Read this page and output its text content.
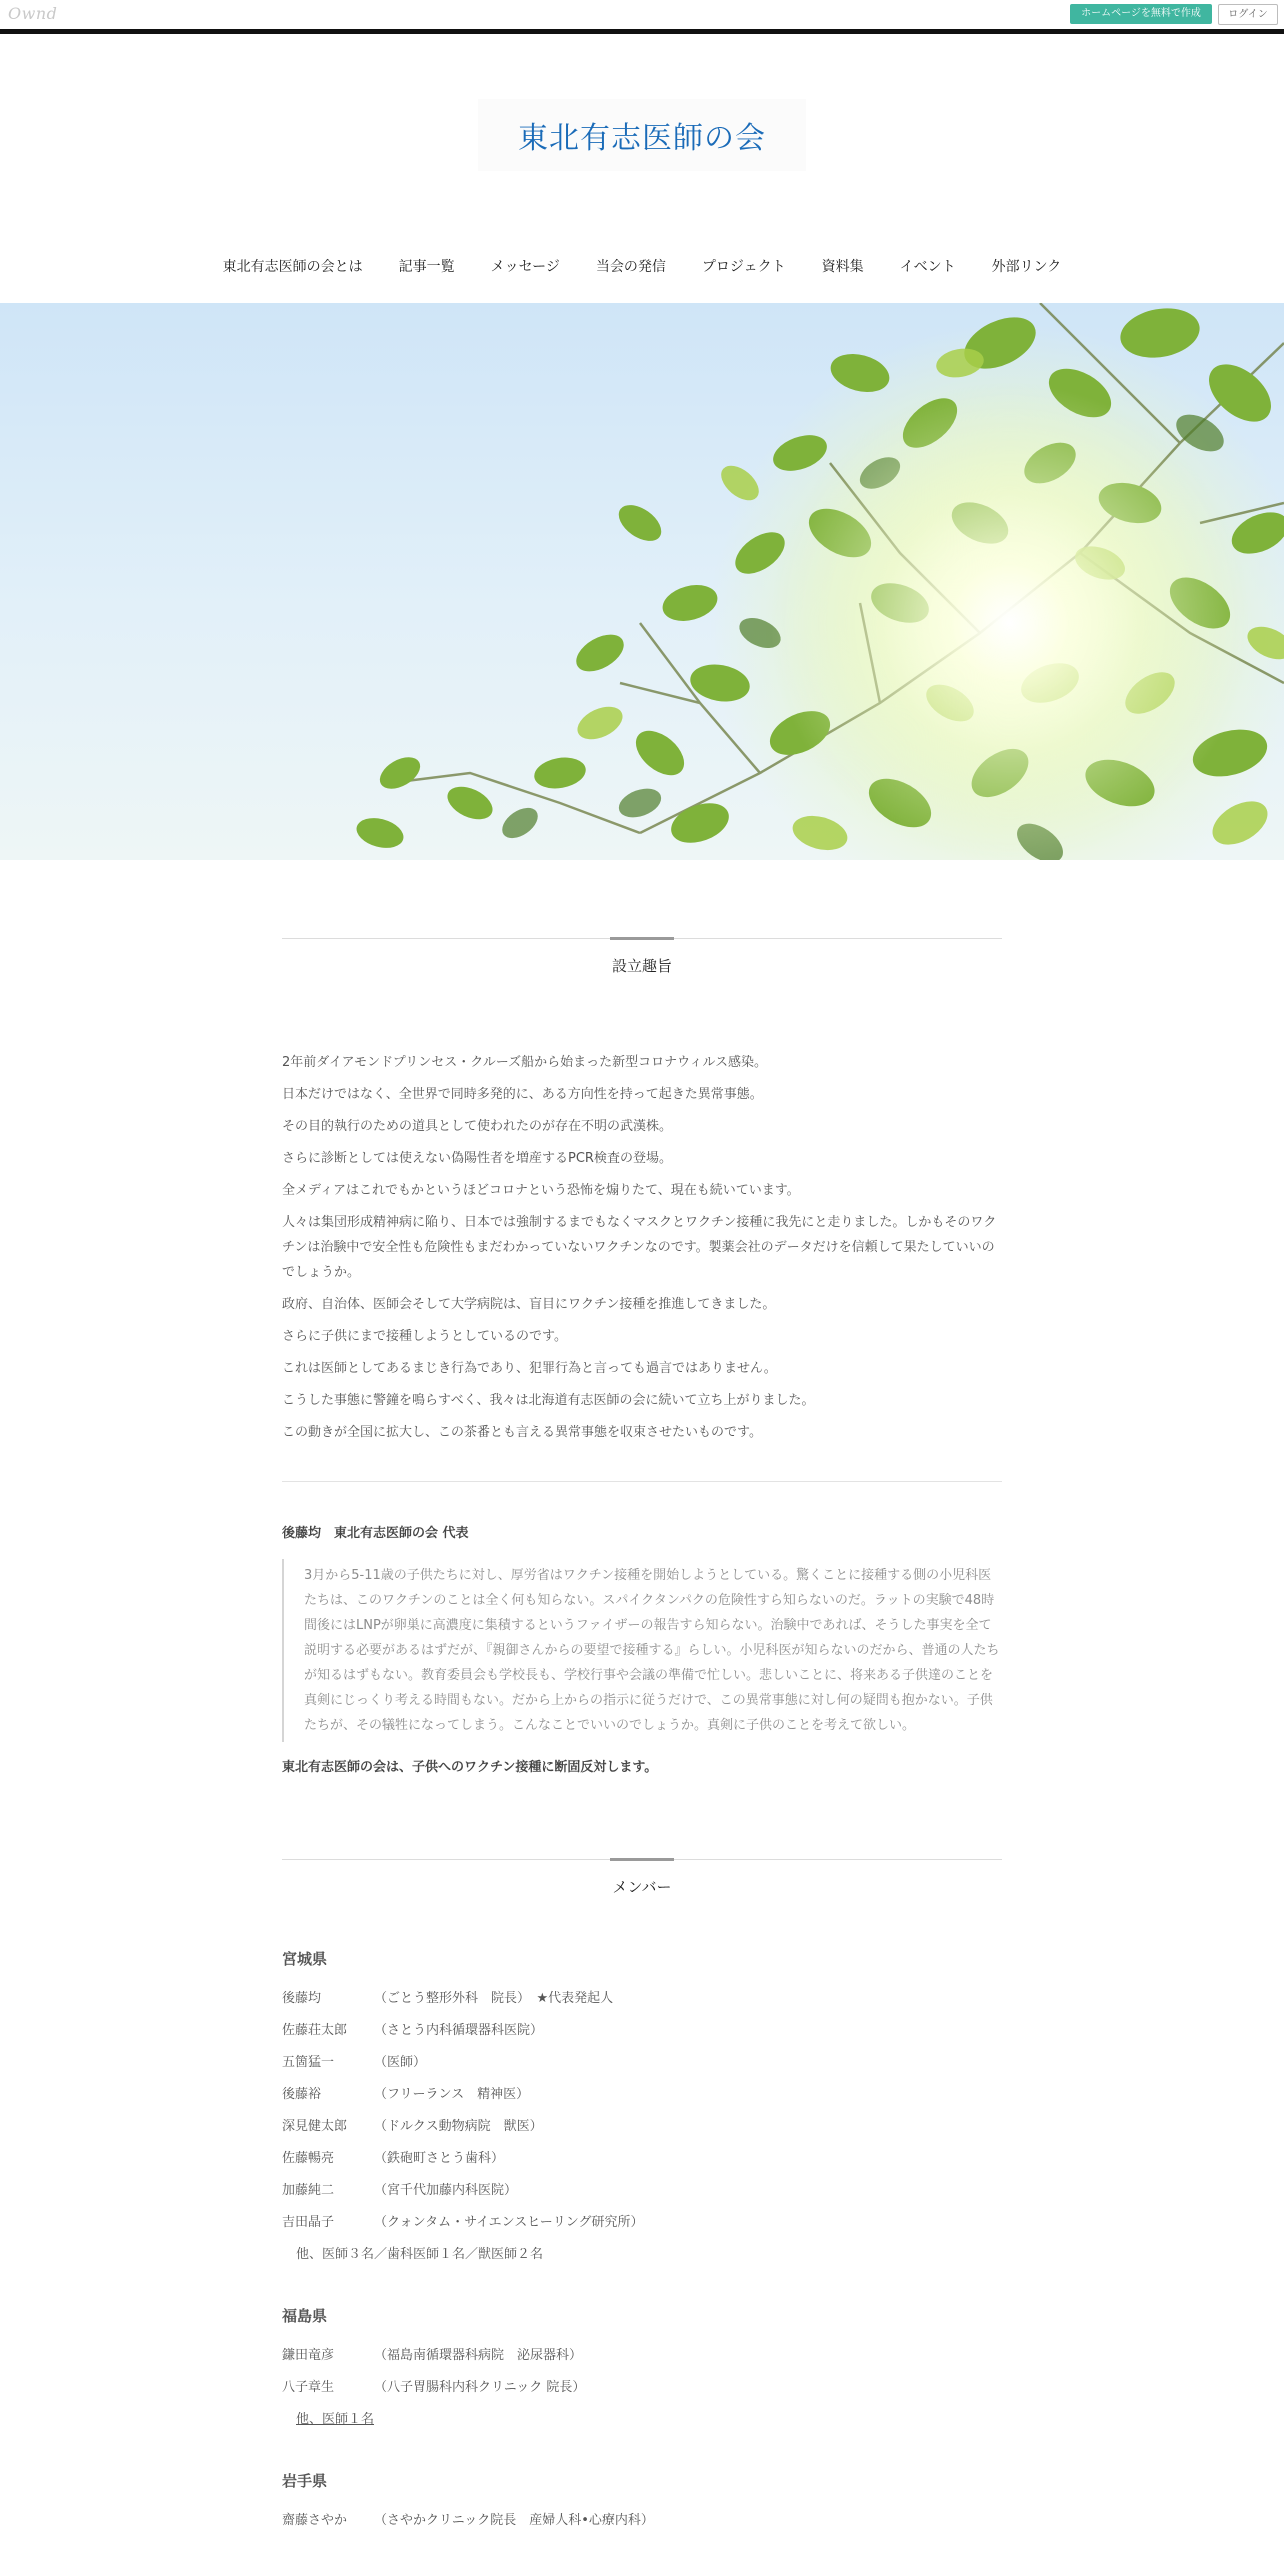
Ownd	ホームページを無料で作成	ログイン
東北有志医師の会
東北有志医師の会とは	記事一覧	メッセージ	当会の発信	プロジェクト	資料集	イベント	外部リンク
設立趣旨

2年前ダイアモンドプリンセス・クルーズ船から始まった新型コロナウィルス感染。

日本だけではなく、全世界で同時多発的に、ある方向性を持って起きた異常事態。

その目的執行のための道具として使われたのが存在不明の武漢株。

さらに診断としては使えない偽陽性者を増産するPCR検査の登場。

全メディアはこれでもかというほどコロナという恐怖を煽りたて、現在も続いています。

人々は集団形成精神病に陥り、日本では強制するまでもなくマスクとワクチン接種に我先にと走りました。しかもそのワクチンは治験中で安全性も危険性もまだわかっていないワクチンなのです。製薬会社のデータだけを信頼して果たしていいのでしょうか。

政府、自治体、医師会そして大学病院は、盲目にワクチン接種を推進してきました。

さらに子供にまで接種しようとしているのです。

これは医師としてあるまじき行為であり、犯罪行為と言っても過言ではありません。

こうした事態に警鐘を鳴らすべく、我々は北海道有志医師の会に続いて立ち上がりました。

この動きが全国に拡大し、この茶番とも言える異常事態を収束させたいものです。

後藤均　東北有志医師の会 代表

3月から5-11歳の子供たちに対し、厚労省はワクチン接種を開始しようとしている。驚くことに接種する側の小児科医たちは、このワクチンのことは全く何も知らない。スパイクタンパクの危険性すら知らないのだ。ラットの実験で48時間後にはLNPが卵巣に高濃度に集積するというファイザーの報告すら知らない。治験中であれば、そうした事実を全て説明する必要があるはずだが、『親御さんからの要望で接種する』らしい。小児科医が知らないのだから、普通の人たちが知るはずもない。教育委員会も学校長も、学校行事や会議の準備で忙しい。悲しいことに、将来ある子供達のことを真剣にじっくり考える時間もない。だから上からの指示に従うだけで、この異常事態に対し何の疑問も抱かない。子供たちが、その犠牲になってしまう。こんなことでいいのでしょうか。真剣に子供のことを考えて欲しい。

東北有志医師の会は、子供へのワクチン接種に断固反対します。

メンバー

宮城県

後藤均	（ごとう整形外科　院長）　★代表発起人
佐藤荘太郎	（さとう内科循環器科医院）
五箇猛一	（医師）
後藤裕	（フリーランス　精神医）
深見健太郎	（ドルクス動物病院　獣医）
佐藤暢亮	（鉄砲町さとう歯科）
加藤純二	（宮千代加藤内科医院）
吉田晶子	（クォンタム・サイエンスヒーリング研究所）
他、医師３名／歯科医師１名／獣医師２名

福島県

鎌田竜彦	（福島南循環器科病院　泌尿器科）
八子章生	（八子胃腸科内科クリニック 院長）
他、医師１名

岩手県

齋藤さやか	（さやかクリニック院長　産婦人科•心療内科）
